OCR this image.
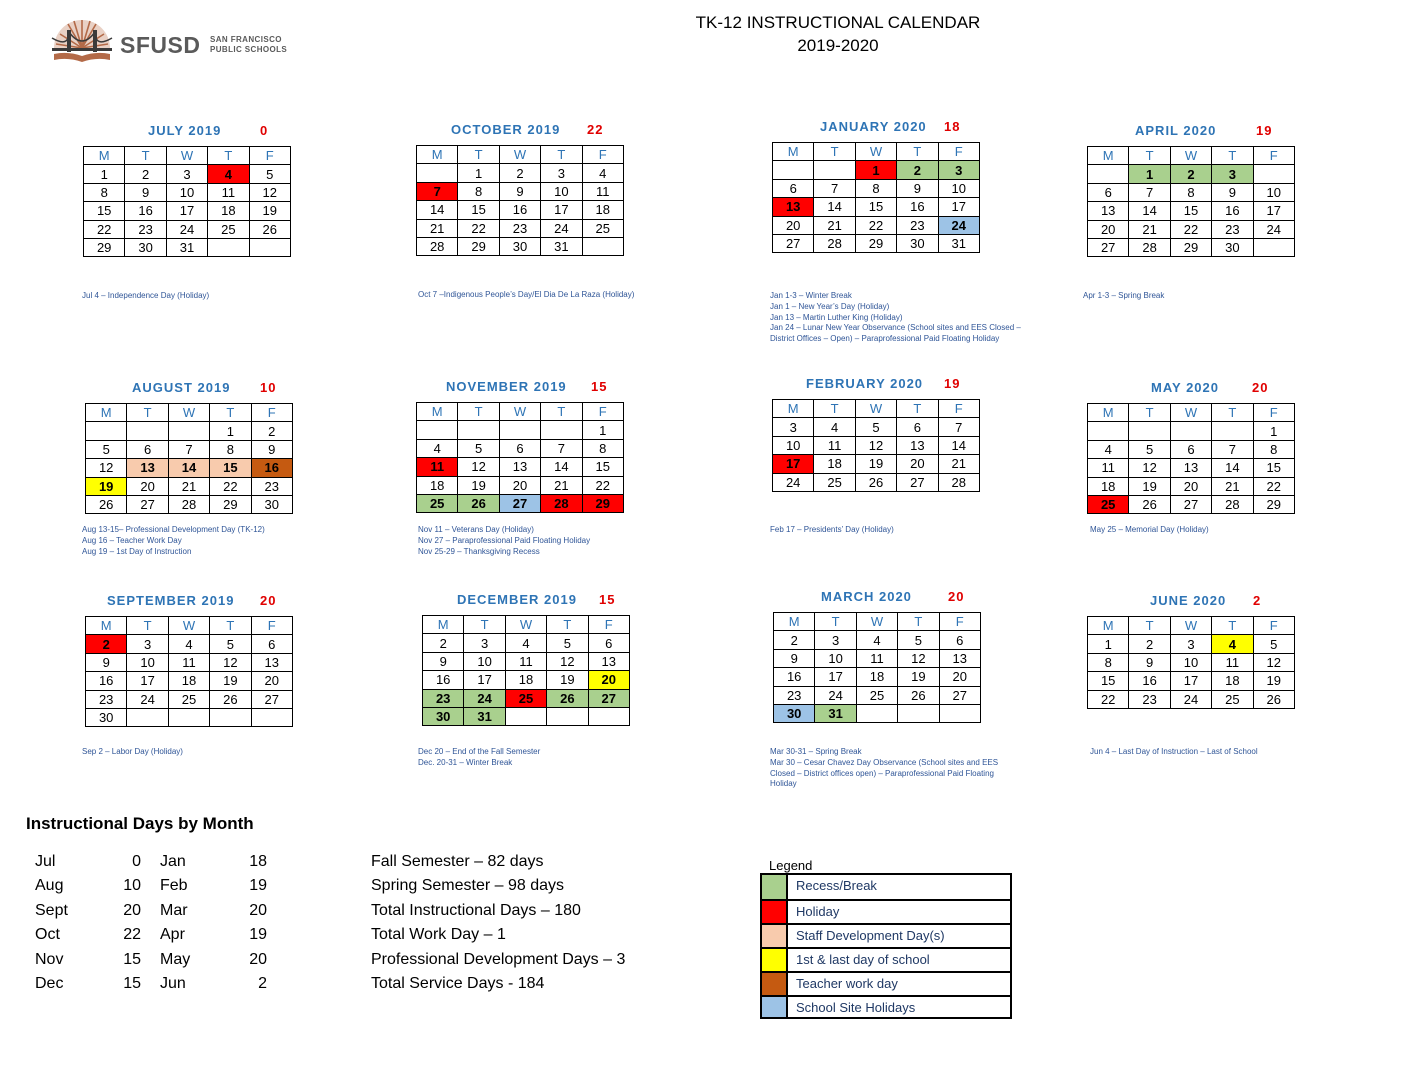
SFUSD SAN FRANCISCO
PUBLIC SCHOOLS
TK-12 INSTRUCTIONAL CALENDAR
2019-2020
JULY 2019	0
M	T	W	T	F
1	2	3	4	5
8	9	10	11	12
15	16	17	18	19
22	23	24	25	26
29	30	31		
Jul 4 – Independence Day (Holiday)
OCTOBER 2019 22
M	T	W	T	F
	1	2	3	4
7	8	9	10	11
14	15	16	17	18
21	22	23	24	25
28	29	30	31	
Oct 7 –Indigenous People’s Day/El Dia De La Raza (Holiday)
JANUARY 2020 18
M	T	W	T	F
		1	2	3
6	7	8	9	10
13	14	15	16	17
20	21	22	23	24
27	28	29	30	31
Jan 1-3 – Winter Break
Jan 1 – New Year’s Day (Holiday)
Jan 13 – Martin Luther King (Holiday)
Jan 24 – Lunar New Year Observance (School sites and EES Closed –
District Offices – Open) – Paraprofessional Paid Floating Holiday
APRIL 2020	19
M	T	W	T	F
	1	2	3	
6	7	8	9	10
13	14	15	16	17
20	21	22	23	24
27	28	29	30	
Apr 1-3 – Spring Break
AUGUST 2019 10
M	T	W	T	F
			1	2
5	6	7	8	9
12	13	14	15	16
19	20	21	22	23
26	27	28	29	30
Aug 13-15– Professional Development Day (TK-12)
Aug 16 – Teacher Work Day
Aug 19 – 1st Day of Instruction
NOVEMBER 2019 15
M	T	W	T	F
				1
4	5	6	7	8
11	12	13	14	15
18	19	20	21	22
25	26	27	28	29
Nov 11 – Veterans Day (Holiday)
Nov 27 – Paraprofessional Paid Floating Holiday
Nov 25-29 – Thanksgiving Recess
FEBRUARY 2020 19
M	T	W	T	F
3	4	5	6	7
10	11	12	13	14
17	18	19	20	21
24	25	26	27	28
Feb 17 – Presidents’ Day (Holiday)
MAY 2020	20
M	T	W	T	F
				1
4	5	6	7	8
11	12	13	14	15
18	19	20	21	22
25	26	27	28	29
May 25 – Memorial Day (Holiday)
SEPTEMBER 2019 20
M	T	W	T	F
2	3	4	5	6
9	10	11	12	13
16	17	18	19	20
23	24	25	26	27
30				
Sep 2 – Labor Day (Holiday)
DECEMBER 2019 15
M	T	W	T	F
2	3	4	5	6
9	10	11	12	13
16	17	18	19	20
23	24	25	26	27
30	31			
Dec 20 – End of the Fall Semester
Dec. 20-31 – Winter Break
MARCH 2020	20
M	T	W	T	F
2	3	4	5	6
9	10	11	12	13
16	17	18	19	20
23	24	25	26	27
30	31			
Mar 30-31 – Spring Break
Mar 30 – Cesar Chavez Day Observance (School sites and EES
Closed – District offices open) – Paraprofessional Paid Floating
Holiday
JUNE 2020 2
M	T	W	T	F
1	2	3	4	5
8	9	10	11	12
15	16	17	18	19
22	23	24	25	26
Jun 4 – Last Day of Instruction – Last of School
Instructional Days by Month
Jul	0 Jan	18
Aug	10 Feb	19
Sept	20 Mar	20
Oct	22 Apr	19
Nov	15 May	20
Dec	15 Jun	2
Fall Semester – 82 days
Spring Semester – 98 days
Total Instructional Days – 180
Total Work Day – 1
Professional Development Days – 3
Total Service Days - 184
Legend
Recess/Break
Holiday
Staff Development Day(s)
1st & last day of school
Teacher work day
School Site Holidays
